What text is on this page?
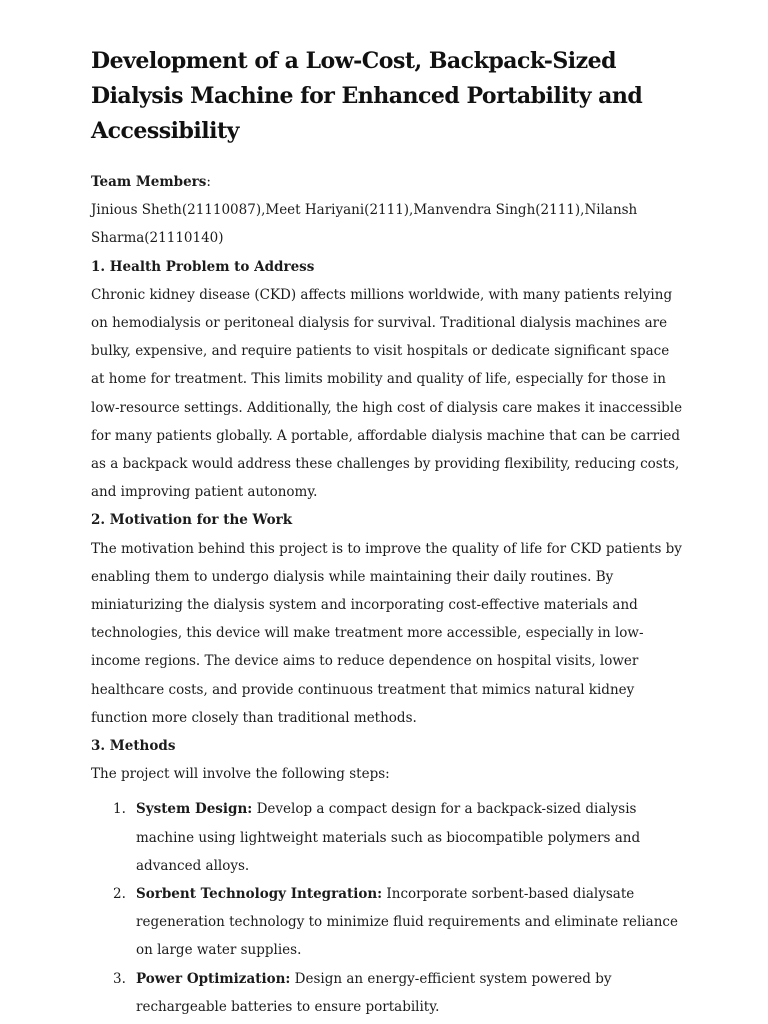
Development of a Low-Cost, Backpack-Sized Dialysis Machine for Enhanced Portability and Accessibility

Team Members:

Jinious Sheth(21110087),Meet Hariyani(2111),Manvendra Singh(2111),Nilansh Sharma(21110140)

1. Health Problem to Address

Chronic kidney disease (CKD) affects millions worldwide, with many patients relying on hemodialysis or peritoneal dialysis for survival. Traditional dialysis machines are bulky, expensive, and require patients to visit hospitals or dedicate significant space at home for treatment. This limits mobility and quality of life, especially for those in low-resource settings. Additionally, the high cost of dialysis care makes it inaccessible for many patients globally. A portable, affordable dialysis machine that can be carried as a backpack would address these challenges by providing flexibility, reducing costs, and improving patient autonomy.

2. Motivation for the Work

The motivation behind this project is to improve the quality of life for CKD patients by enabling them to undergo dialysis while maintaining their daily routines. By miniaturizing the dialysis system and incorporating cost-effective materials and technologies, this device will make treatment more accessible, especially in low-income regions. The device aims to reduce dependence on hospital visits, lower healthcare costs, and provide continuous treatment that mimics natural kidney function more closely than traditional methods.

3. Methods

The project will involve the following steps:

1. System Design: Develop a compact design for a backpack-sized dialysis machine using lightweight materials such as biocompatible polymers and advanced alloys.
2. Sorbent Technology Integration: Incorporate sorbent-based dialysate regeneration technology to minimize fluid requirements and eliminate reliance on large water supplies.
3. Power Optimization: Design an energy-efficient system powered by rechargeable batteries to ensure portability.
